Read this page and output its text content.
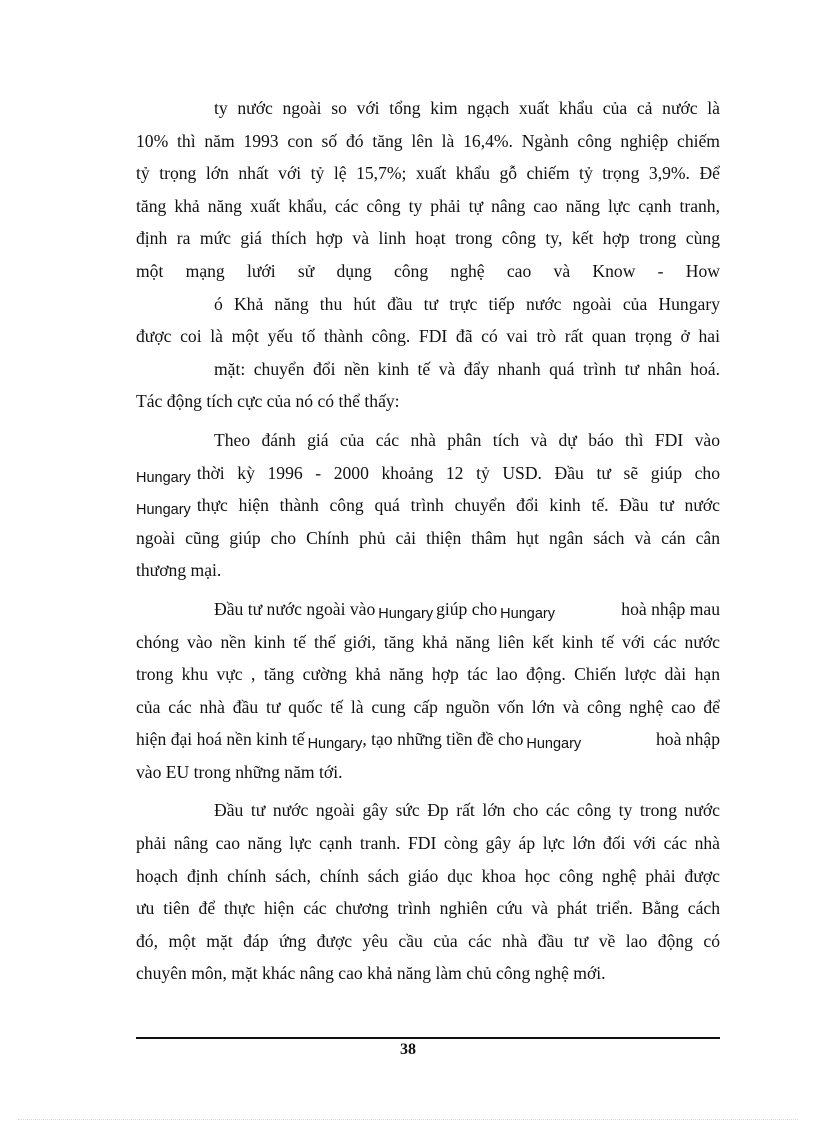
ty nước ngoài so với tổng kim ngạch xuất khẩu của cả nước là
10% thì năm 1993 con số đó tăng lên là 16,4%. Ngành công nghiệp chiếm
tỷ trọng lớn nhất với tỷ lệ 15,7%; xuất khẩu gỗ chiếm tỷ trọng 3,9%. Để
tăng khả năng xuất khẩu, các công ty phải tự nâng cao năng lực cạnh tranh,
định ra mức giá thích hợp và linh hoạt trong công ty, kết hợp trong cùng
một mạng lưới sử dụng công nghệ cao và Know - How
ó Khả năng thu hút đầu tư trực tiếp nước ngoài của Hungary
được coi là một yếu tố thành công. FDI đã có vai trò rất quan trọng ở hai
mặt: chuyển đổi nền kinh tế và đẩy nhanh quá trình tư nhân hoá.
Tác động tích cực của nó có thể thấy:
Theo đánh giá của các nhà phân tích và dự báo thì FDI vào
Hungary thời kỳ 1996 - 2000 khoảng 12 tỷ USD. Đầu tư sẽ giúp cho
Hungary thực hiện thành công quá trình chuyển đổi kinh tế. Đầu tư nước
ngoài cũng giúp cho Chính phủ cải thiện thâm hụt ngân sách và cán cân
thương mại.
Đầu tư nước ngoài vào Hungary giúp cho Hungary	hoà nhập mau
chóng vào nền kinh tế thế giới, tăng khả năng liên kết kinh tế với các nước
trong khu vực , tăng cường khả năng hợp tác lao động. Chiến lược dài hạn
của các nhà đầu tư quốc tế là cung cấp nguồn vốn lớn và công nghệ cao để
hiện đại hoá nền kinh tế Hungary , tạo những tiền đề cho Hungary	hoà nhập
vào EU trong những năm tới.
Đầu tư nước ngoài gây sức Ðp rất lớn cho các công ty trong nước
phải nâng cao năng lực cạnh tranh. FDI còng gây áp lực lớn đối với các nhà
hoạch định chính sách, chính sách giáo dục khoa học công nghệ phải được
ưu tiên để thực hiện các chương trình nghiên cứu và phát triển. Bằng cách
đó, một mặt đáp ứng được yêu cầu của các nhà đầu tư về lao động có
chuyên môn, mặt khác nâng cao khả năng làm chủ công nghệ mới.
38
